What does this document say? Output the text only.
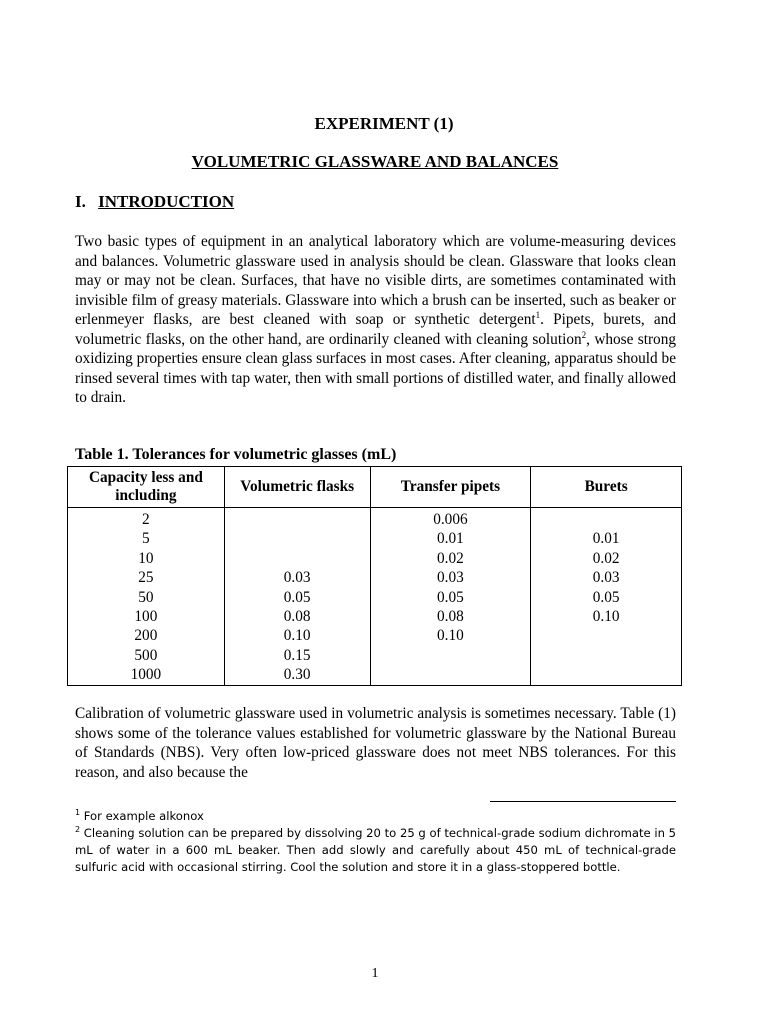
EXPERIMENT (1)
VOLUMETRIC GLASSWARE AND BALANCES
I. INTRODUCTION

Two basic types of equipment in an analytical laboratory which are volume-measuring devices and balances. Volumetric glassware used in analysis should be clean. Glassware that looks clean may or may not be clean. Surfaces, that have no visible dirts, are sometimes contaminated with invisible film of greasy materials. Glassware into which a brush can be inserted, such as beaker or erlenmeyer flasks, are best cleaned with soap or synthetic detergent$^1$. Pipets, burets, and volumetric flasks, on the other hand, are ordinarily cleaned with cleaning solution$^2$, whose strong oxidizing properties ensure clean glass surfaces in most cases. After cleaning, apparatus should be rinsed several times with tap water, then with small portions of distilled water, and finally allowed to drain.

Table 1. Tolerances for volumetric glasses (mL)
Capacity less and including	Volumetric flasks	Transfer pipets	Burets
2		0.006	
5		0.01	0.01
10		0.02	0.02
25	0.03	0.03	0.03
50	0.05	0.05	0.05
100	0.08	0.08	0.10
200	0.10	0.10	
500	0.15		
1000	0.30		

Calibration of volumetric glassware used in volumetric analysis is sometimes necessary. Table (1) shows some of the tolerance values established for volumetric glassware by the National Bureau of Standards (NBS). Very often low-priced glassware does not meet NBS tolerances. For this reason, and also because the

$^1$ For example alkonox

$^2$ Cleaning solution can be prepared by dissolving 20 to 25 g of technical-grade sodium dichromate in 5 mL of water in a 600 mL beaker. Then add slowly and carefully about 450 mL of technical-grade sulfuric acid with occasional stirring. Cool the solution and store it in a glass-stoppered bottle.

1
